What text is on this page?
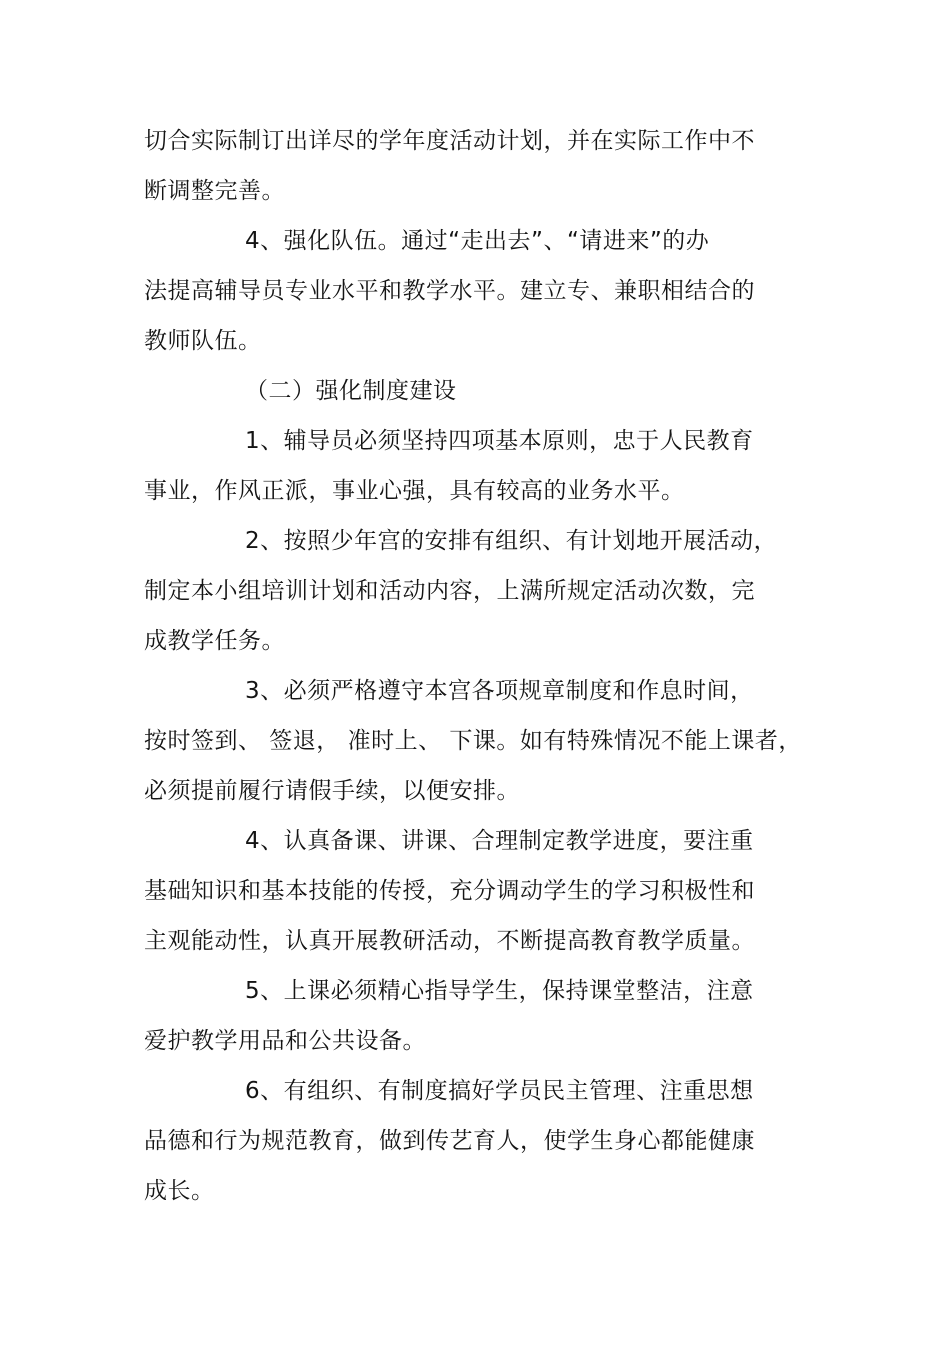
切合实际制订出详尽的学年度活动计划，并在实际工作中不
断调整完善。
4、强化队伍。通过“走出去”、“请进来”的办
法提高辅导员专业水平和教学水平。建立专、兼职相结合的
教师队伍。
（二）强化制度建设
1、辅导员必须坚持四项基本原则，忠于人民教育
事业，作风正派，事业心强，具有较高的业务水平。
2、按照少年宫的安排有组织、有计划地开展活动，
制定本小组培训计划和活动内容，上满所规定活动次数，完
成教学任务。
3、必须严格遵守本宫各项规章制度和作息时间，
按时签到、 签退， 准时上、 下课。如有特殊情况不能上课者，
必须提前履行请假手续，以便安排。
4、认真备课、讲课、合理制定教学进度，要注重
基础知识和基本技能的传授，充分调动学生的学习积极性和
主观能动性，认真开展教研活动，不断提高教育教学质量。
5、上课必须精心指导学生，保持课堂整洁，注意
爱护教学用品和公共设备。
6、有组织、有制度搞好学员民主管理、注重思想
品德和行为规范教育，做到传艺育人，使学生身心都能健康
成长。
